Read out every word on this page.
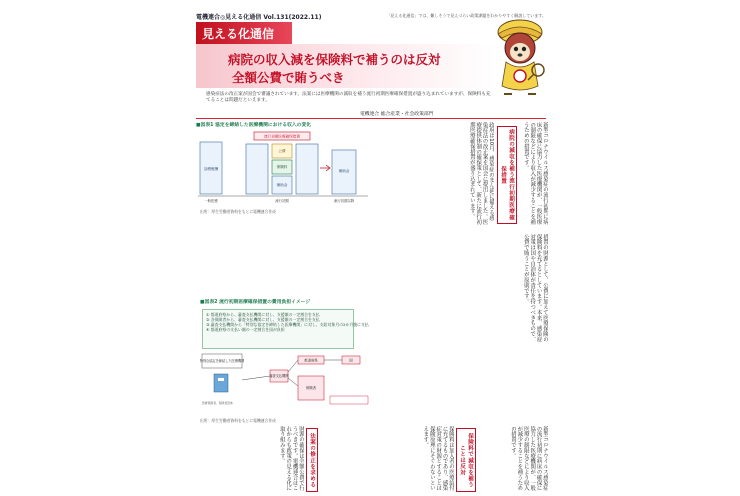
電機連合◎見える化通信 Vol.131(2022.11)	「見える化通信」では、難しそうで見えづらい政策課題をわかりやすく解説しています。
見える化通信
病院の収入減を保険料で補うのは反対
全額公費で賄うべき
感染症法の改正案が国会で審議されています。法案には医療機関の減収を補う流行初期医療確保措置が盛り込まれていますが、保険料も充てることは問題だといえます。
電機連合 総合産業・社会政策部門
■図表1 協定を締結した医療機関における収入の変化
診療報酬
流行初期医療確保措置
公費
保険料
補助金
補助金
一般医療	流行初期	流行初期以降
出所：厚生労働省資料をもとに電機連合作成
■図表2 流行初期医療確保措置の費用負担イメージ
① 都道府県から、審査支払機関に対し、支援額の一定割合を支払
② 各保険者から、審査支払機関に対し、支援額の一定割合を支払
③ 審査支払機関から「特別な協定を締結した医療機関」に対し、支給対象月の2か月後に支払
④ 都道府県の支払い額の一定割合を国が負担
特別な協定を締結した医療機関
審査支払機関
都道府県	国
保険者
医療保険者、保険者団体
出所：厚生労働省資料をもとに電機連合作成

政府は10月、感染症のまん延に備える感染症法の改正案を国会に提出しました。医療提供体制の確保策として、新たに流行初期医療確保措置が盛り込まれています。	病院の減収を補う流行初期医療確保措置	新型コロナウイルス感染症の流行初期に病床の確保に協力した医療機関が、一般医療の制限などにより収入が減少することを補うための措置です。

措置の財源として、公費に加えて医療保険の保険料を充てるとしています。本来、感染症対策は国や自治体が責任を持つべきもので、公費で賄うことが原則です。

財源の確保は全額公費で行うべきです。電機連合はこれからも政策の見える化に取り組みます。	法案の修正を求める	保険料は加入者の医療給付に充てるものであり、感染症対策の財源とすることは保険原理にそぐわないといえます。	保険料で減収を補うことは反対	新型コロナウイルス感染症の流行初期に病床の確保に協力した医療機関が、一般医療の制限などにより収入が減少することを補うための措置です。
